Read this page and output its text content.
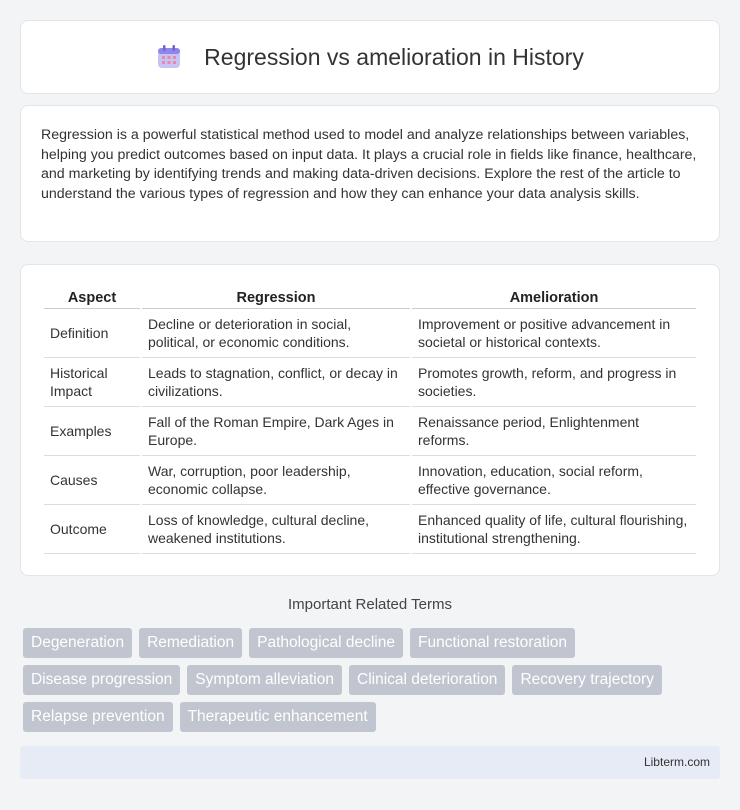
Regression vs amelioration in History

Regression is a powerful statistical method used to model and analyze relationships between variables, helping you predict outcomes based on input data. It plays a crucial role in fields like finance, healthcare, and marketing by identifying trends and making data-driven decisions. Explore the rest of the article to understand the various types of regression and how they can enhance your data analysis skills.

Aspect	Regression	Amelioration
Definition	Decline or deterioration in social, political, or economic conditions.	Improvement or positive advancement in societal or historical contexts.
Historical Impact	Leads to stagnation, conflict, or decay in civilizations.	Promotes growth, reform, and progress in societies.
Examples	Fall of the Roman Empire, Dark Ages in Europe.	Renaissance period, Enlightenment reforms.
Causes	War, corruption, poor leadership, economic collapse.	Innovation, education, social reform, effective governance.
Outcome	Loss of knowledge, cultural decline, weakened institutions.	Enhanced quality of life, cultural flourishing, institutional strengthening.
Important Related Terms
Degeneration	Remediation	Pathological decline	Functional restoration
Disease progression	Symptom alleviation	Clinical deterioration	Recovery trajectory
Relapse prevention	Therapeutic enhancement
Libterm.com
